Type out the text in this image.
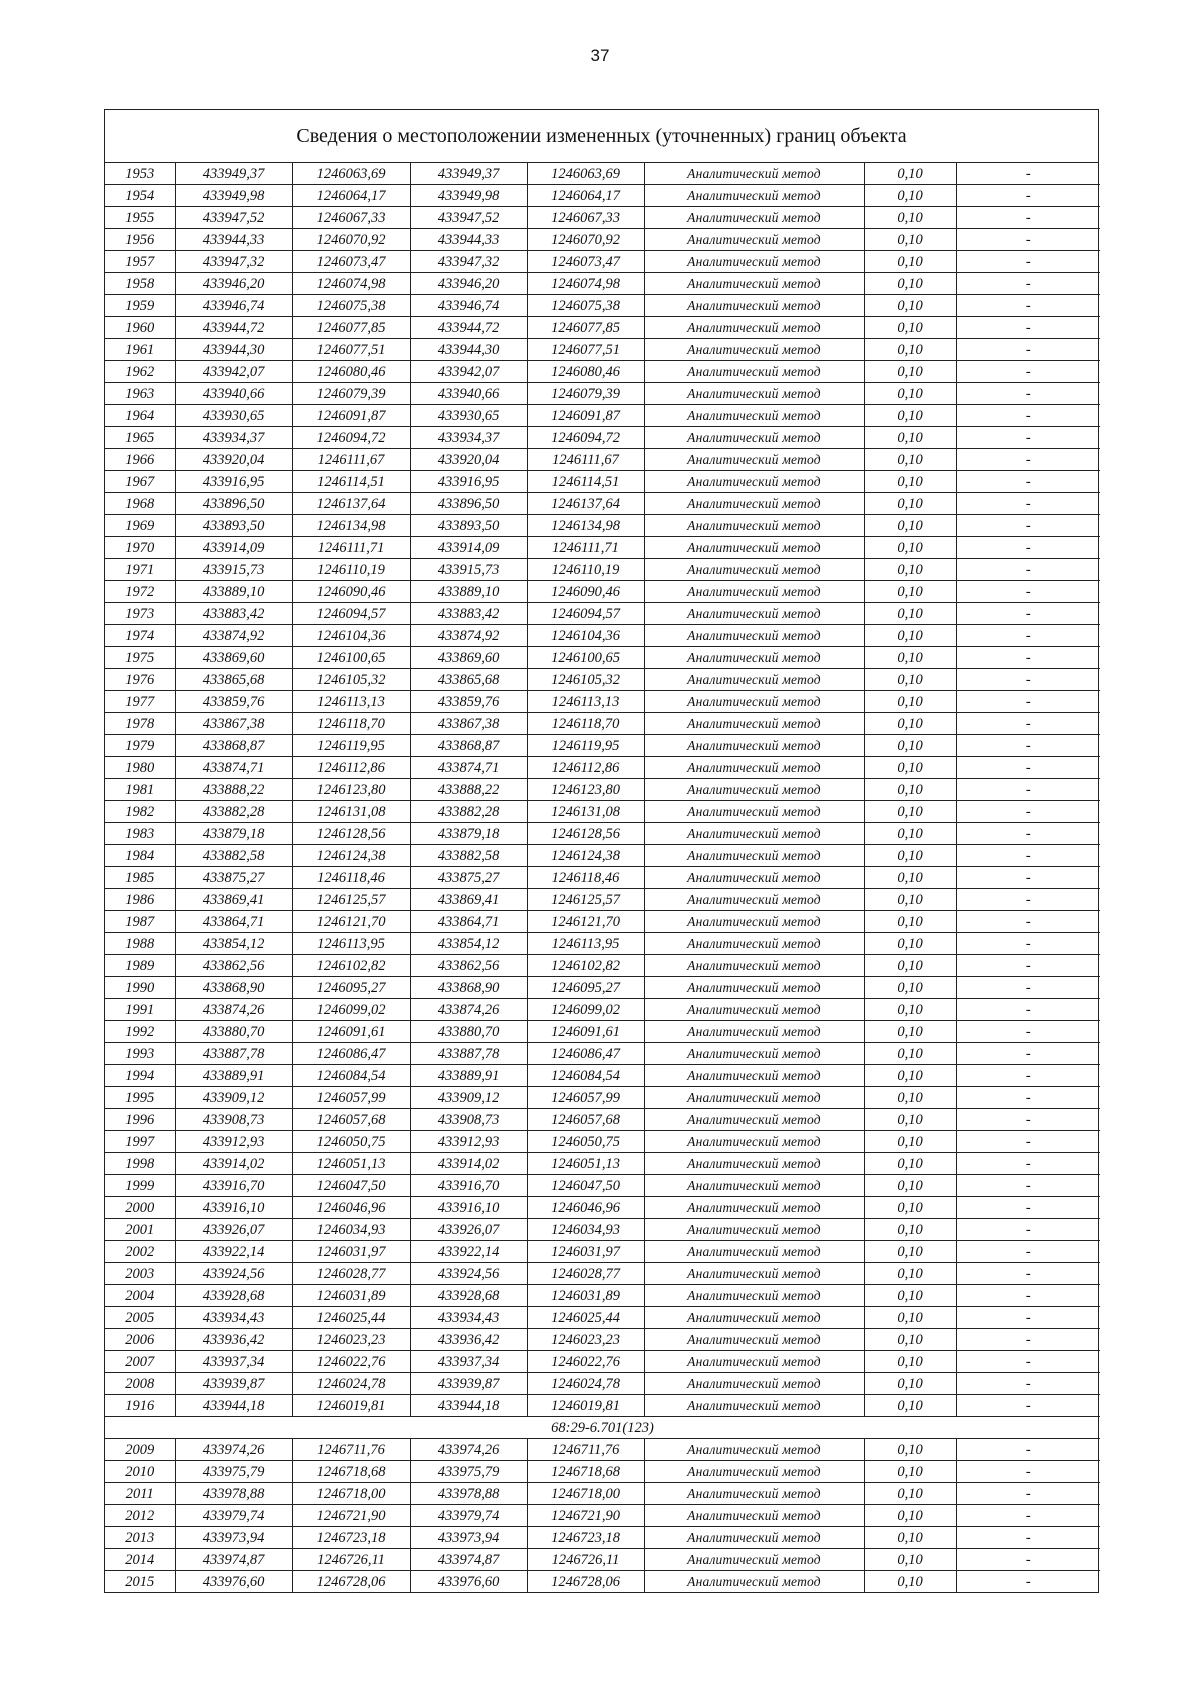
37
Сведения о местоположении измененных (уточненных) границ объекта
1953	433949,37	1246063,69	433949,37	1246063,69	Аналитический метод	0,10	-
1954	433949,98	1246064,17	433949,98	1246064,17	Аналитический метод	0,10	-
1955	433947,52	1246067,33	433947,52	1246067,33	Аналитический метод	0,10	-
1956	433944,33	1246070,92	433944,33	1246070,92	Аналитический метод	0,10	-
1957	433947,32	1246073,47	433947,32	1246073,47	Аналитический метод	0,10	-
1958	433946,20	1246074,98	433946,20	1246074,98	Аналитический метод	0,10	-
1959	433946,74	1246075,38	433946,74	1246075,38	Аналитический метод	0,10	-
1960	433944,72	1246077,85	433944,72	1246077,85	Аналитический метод	0,10	-
1961	433944,30	1246077,51	433944,30	1246077,51	Аналитический метод	0,10	-
1962	433942,07	1246080,46	433942,07	1246080,46	Аналитический метод	0,10	-
1963	433940,66	1246079,39	433940,66	1246079,39	Аналитический метод	0,10	-
1964	433930,65	1246091,87	433930,65	1246091,87	Аналитический метод	0,10	-
1965	433934,37	1246094,72	433934,37	1246094,72	Аналитический метод	0,10	-
1966	433920,04	1246111,67	433920,04	1246111,67	Аналитический метод	0,10	-
1967	433916,95	1246114,51	433916,95	1246114,51	Аналитический метод	0,10	-
1968	433896,50	1246137,64	433896,50	1246137,64	Аналитический метод	0,10	-
1969	433893,50	1246134,98	433893,50	1246134,98	Аналитический метод	0,10	-
1970	433914,09	1246111,71	433914,09	1246111,71	Аналитический метод	0,10	-
1971	433915,73	1246110,19	433915,73	1246110,19	Аналитический метод	0,10	-
1972	433889,10	1246090,46	433889,10	1246090,46	Аналитический метод	0,10	-
1973	433883,42	1246094,57	433883,42	1246094,57	Аналитический метод	0,10	-
1974	433874,92	1246104,36	433874,92	1246104,36	Аналитический метод	0,10	-
1975	433869,60	1246100,65	433869,60	1246100,65	Аналитический метод	0,10	-
1976	433865,68	1246105,32	433865,68	1246105,32	Аналитический метод	0,10	-
1977	433859,76	1246113,13	433859,76	1246113,13	Аналитический метод	0,10	-
1978	433867,38	1246118,70	433867,38	1246118,70	Аналитический метод	0,10	-
1979	433868,87	1246119,95	433868,87	1246119,95	Аналитический метод	0,10	-
1980	433874,71	1246112,86	433874,71	1246112,86	Аналитический метод	0,10	-
1981	433888,22	1246123,80	433888,22	1246123,80	Аналитический метод	0,10	-
1982	433882,28	1246131,08	433882,28	1246131,08	Аналитический метод	0,10	-
1983	433879,18	1246128,56	433879,18	1246128,56	Аналитический метод	0,10	-
1984	433882,58	1246124,38	433882,58	1246124,38	Аналитический метод	0,10	-
1985	433875,27	1246118,46	433875,27	1246118,46	Аналитический метод	0,10	-
1986	433869,41	1246125,57	433869,41	1246125,57	Аналитический метод	0,10	-
1987	433864,71	1246121,70	433864,71	1246121,70	Аналитический метод	0,10	-
1988	433854,12	1246113,95	433854,12	1246113,95	Аналитический метод	0,10	-
1989	433862,56	1246102,82	433862,56	1246102,82	Аналитический метод	0,10	-
1990	433868,90	1246095,27	433868,90	1246095,27	Аналитический метод	0,10	-
1991	433874,26	1246099,02	433874,26	1246099,02	Аналитический метод	0,10	-
1992	433880,70	1246091,61	433880,70	1246091,61	Аналитический метод	0,10	-
1993	433887,78	1246086,47	433887,78	1246086,47	Аналитический метод	0,10	-
1994	433889,91	1246084,54	433889,91	1246084,54	Аналитический метод	0,10	-
1995	433909,12	1246057,99	433909,12	1246057,99	Аналитический метод	0,10	-
1996	433908,73	1246057,68	433908,73	1246057,68	Аналитический метод	0,10	-
1997	433912,93	1246050,75	433912,93	1246050,75	Аналитический метод	0,10	-
1998	433914,02	1246051,13	433914,02	1246051,13	Аналитический метод	0,10	-
1999	433916,70	1246047,50	433916,70	1246047,50	Аналитический метод	0,10	-
2000	433916,10	1246046,96	433916,10	1246046,96	Аналитический метод	0,10	-
2001	433926,07	1246034,93	433926,07	1246034,93	Аналитический метод	0,10	-
2002	433922,14	1246031,97	433922,14	1246031,97	Аналитический метод	0,10	-
2003	433924,56	1246028,77	433924,56	1246028,77	Аналитический метод	0,10	-
2004	433928,68	1246031,89	433928,68	1246031,89	Аналитический метод	0,10	-
2005	433934,43	1246025,44	433934,43	1246025,44	Аналитический метод	0,10	-
2006	433936,42	1246023,23	433936,42	1246023,23	Аналитический метод	0,10	-
2007	433937,34	1246022,76	433937,34	1246022,76	Аналитический метод	0,10	-
2008	433939,87	1246024,78	433939,87	1246024,78	Аналитический метод	0,10	-
1916	433944,18	1246019,81	433944,18	1246019,81	Аналитический метод	0,10	-
68:29-6.701(123)							
2009	433974,26	1246711,76	433974,26	1246711,76	Аналитический метод	0,10	-
2010	433975,79	1246718,68	433975,79	1246718,68	Аналитический метод	0,10	-
2011	433978,88	1246718,00	433978,88	1246718,00	Аналитический метод	0,10	-
2012	433979,74	1246721,90	433979,74	1246721,90	Аналитический метод	0,10	-
2013	433973,94	1246723,18	433973,94	1246723,18	Аналитический метод	0,10	-
2014	433974,87	1246726,11	433974,87	1246726,11	Аналитический метод	0,10	-
2015	433976,60	1246728,06	433976,60	1246728,06	Аналитический метод	0,10	-
